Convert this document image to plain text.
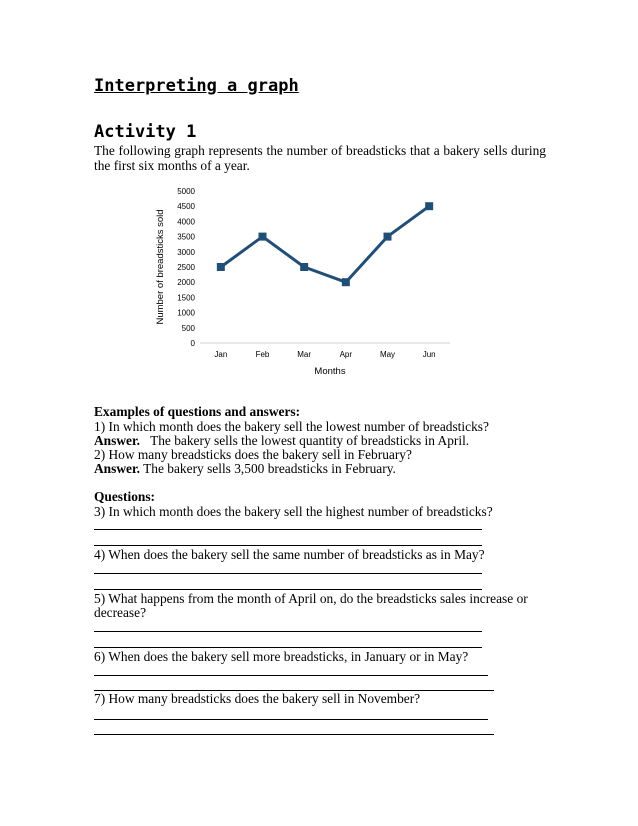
Interpreting a graph
Activity 1
The following graph represents the number of breadsticks that a bakery sells during the first six months of a year.
0
500
1000
1500
2000
2500
3000
3500
4000
4500
5000
Jan	Feb	Mar	Apr	May	Jun
Number of breadsticks sold
Months
Examples of questions and answers:
1) In which month does the bakery sell the lowest number of breadsticks?
Answer. The bakery sells the lowest quantity of breadsticks in April.
2) How many breadsticks does the bakery sell in February?
Answer. The bakery sells 3,500 breadsticks in February.
Questions:
3) In which month does the bakery sell the highest number of breadsticks?
4) When does the bakery sell the same number of breadsticks as in May?
5) What happens from the month of April on, do the breadsticks sales increase or
decrease?
6) When does the bakery sell more breadsticks, in January or in May?
7) How many breadsticks does the bakery sell in November?
